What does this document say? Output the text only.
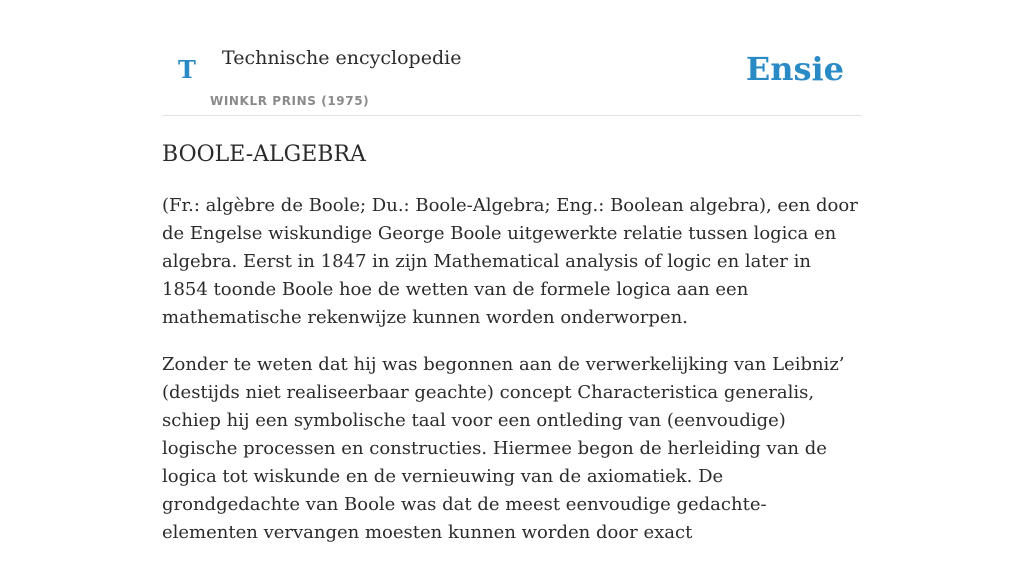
T Technische encyclopedie
WINKLR PRINS (1975)
Ensie
BOOLE-ALGEBRA

(Fr.: algèbre de Boole; Du.: Boole-Algebra; Eng.: Boolean algebra), een door de Engelse wiskundige George Boole uitgewerkte relatie tussen logica en algebra. Eerst in 1847 in zijn Mathematical analysis of logic en later in 1854 toonde Boole hoe de wetten van de formele logica aan een mathematische rekenwijze kunnen worden onderworpen.

Zonder te weten dat hij was begonnen aan de verwerkelijking van Leibniz’ (destijds niet realiseerbaar geachte) concept Characteristica generalis, schiep hij een symbolische taal voor een ontleding van (eenvoudige) logische processen en constructies. Hiermee begon de herleiding van de logica tot wiskunde en de vernieuwing van de axiomatiek. De grondgedachte van Boole was dat de meest eenvoudige gedachte-elementen vervangen moesten kunnen worden door exact
